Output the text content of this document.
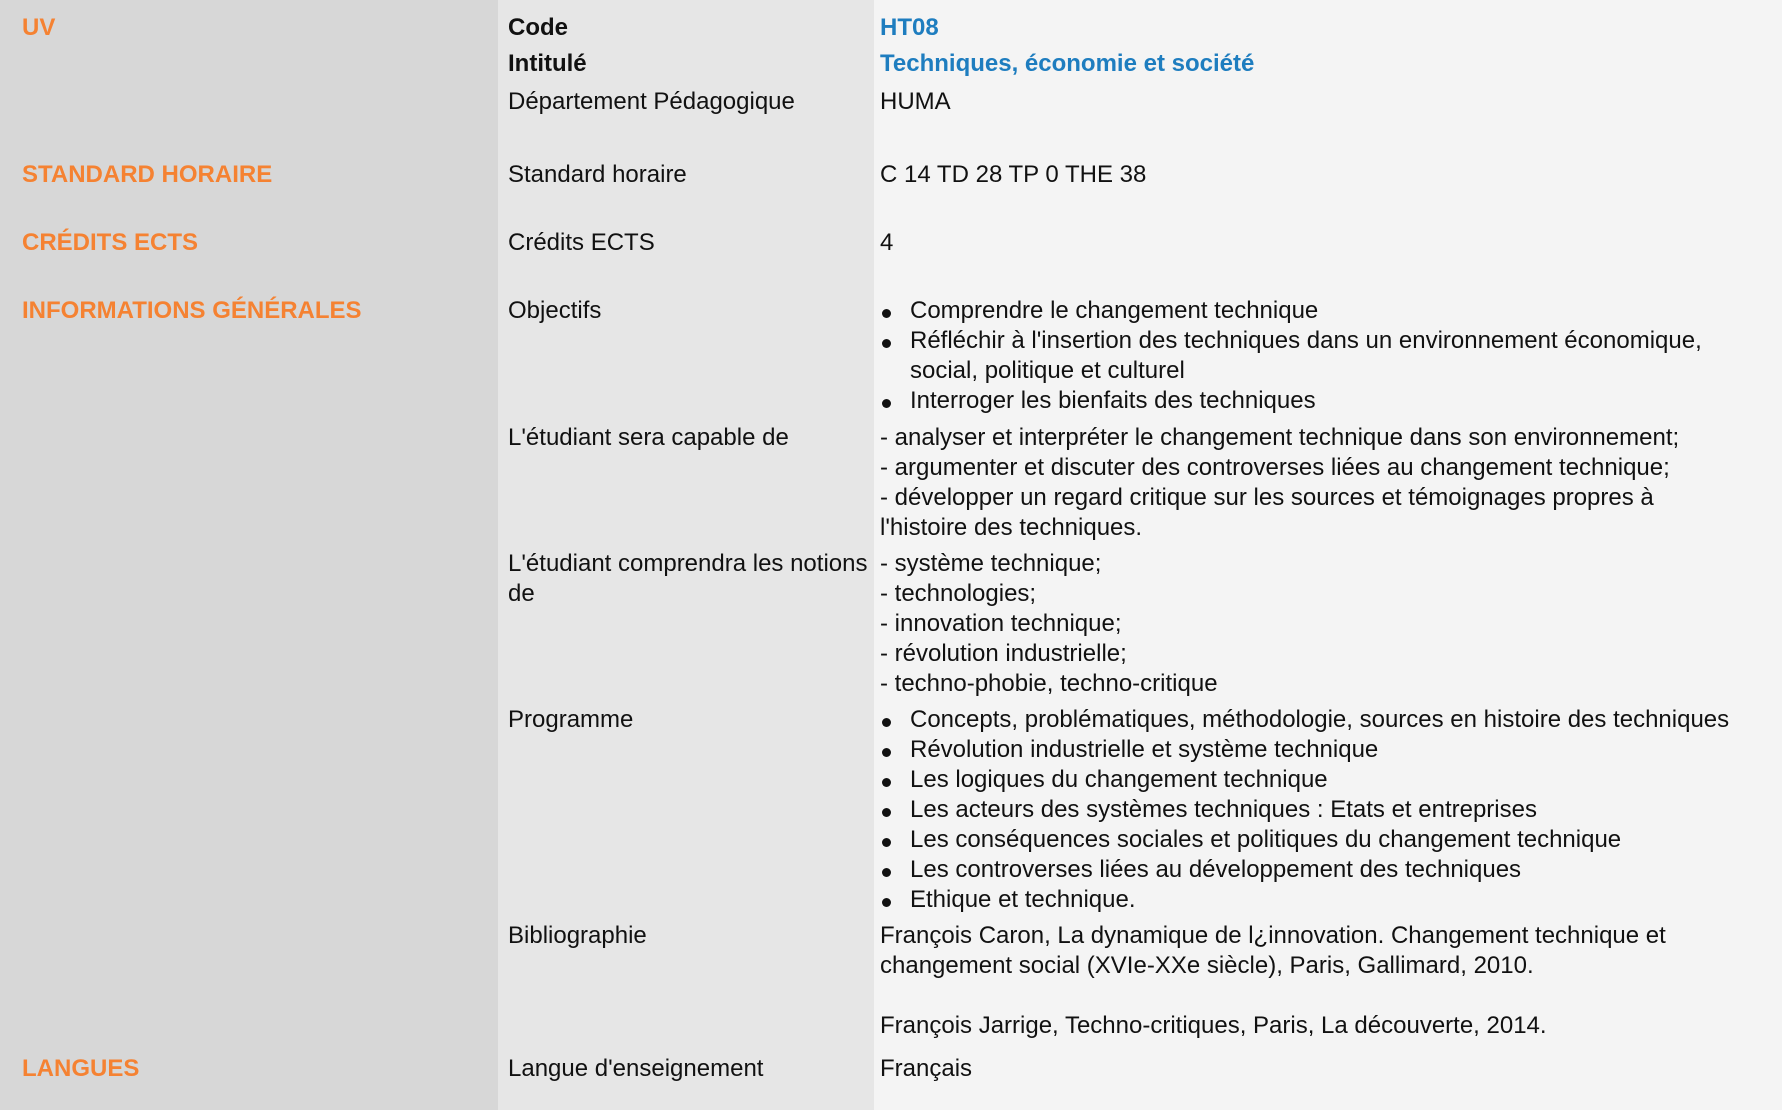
UV
STANDARD HORAIRE
CRÉDITS ECTS
INFORMATIONS GÉNÉRALES
LANGUES
Code
Intitulé
Département Pédagogique
Standard horaire
Crédits ECTS
Objectifs
L'étudiant sera capable de
L'étudiant comprendra les notions
de
Programme
Bibliographie
Langue d'enseignement
HT08
Techniques, économie et société
HUMA
C 14 TD 28 TP 0 THE 38
4
Comprendre le changement technique
Réfléchir à l'insertion des techniques dans un environnement économique,
social, politique et culturel
Interroger les bienfaits des techniques
- analyser et interpréter le changement technique dans son environnement;
- argumenter et discuter des controverses liées au changement technique;
- développer un regard critique sur les sources et témoignages propres à
l'histoire des techniques.
- système technique;
- technologies;
- innovation technique;
- révolution industrielle;
- techno-phobie, techno-critique
Concepts, problématiques, méthodologie, sources en histoire des techniques
Révolution industrielle et système technique
Les logiques du changement technique
Les acteurs des systèmes techniques : Etats et entreprises
Les conséquences sociales et politiques du changement technique
Les controverses liées au développement des techniques
Ethique et technique.
François Caron, La dynamique de l¿innovation. Changement technique et
changement social (XVIe-XXe siècle), Paris, Gallimard, 2010.
François Jarrige, Techno-critiques, Paris, La découverte, 2014.
Français
